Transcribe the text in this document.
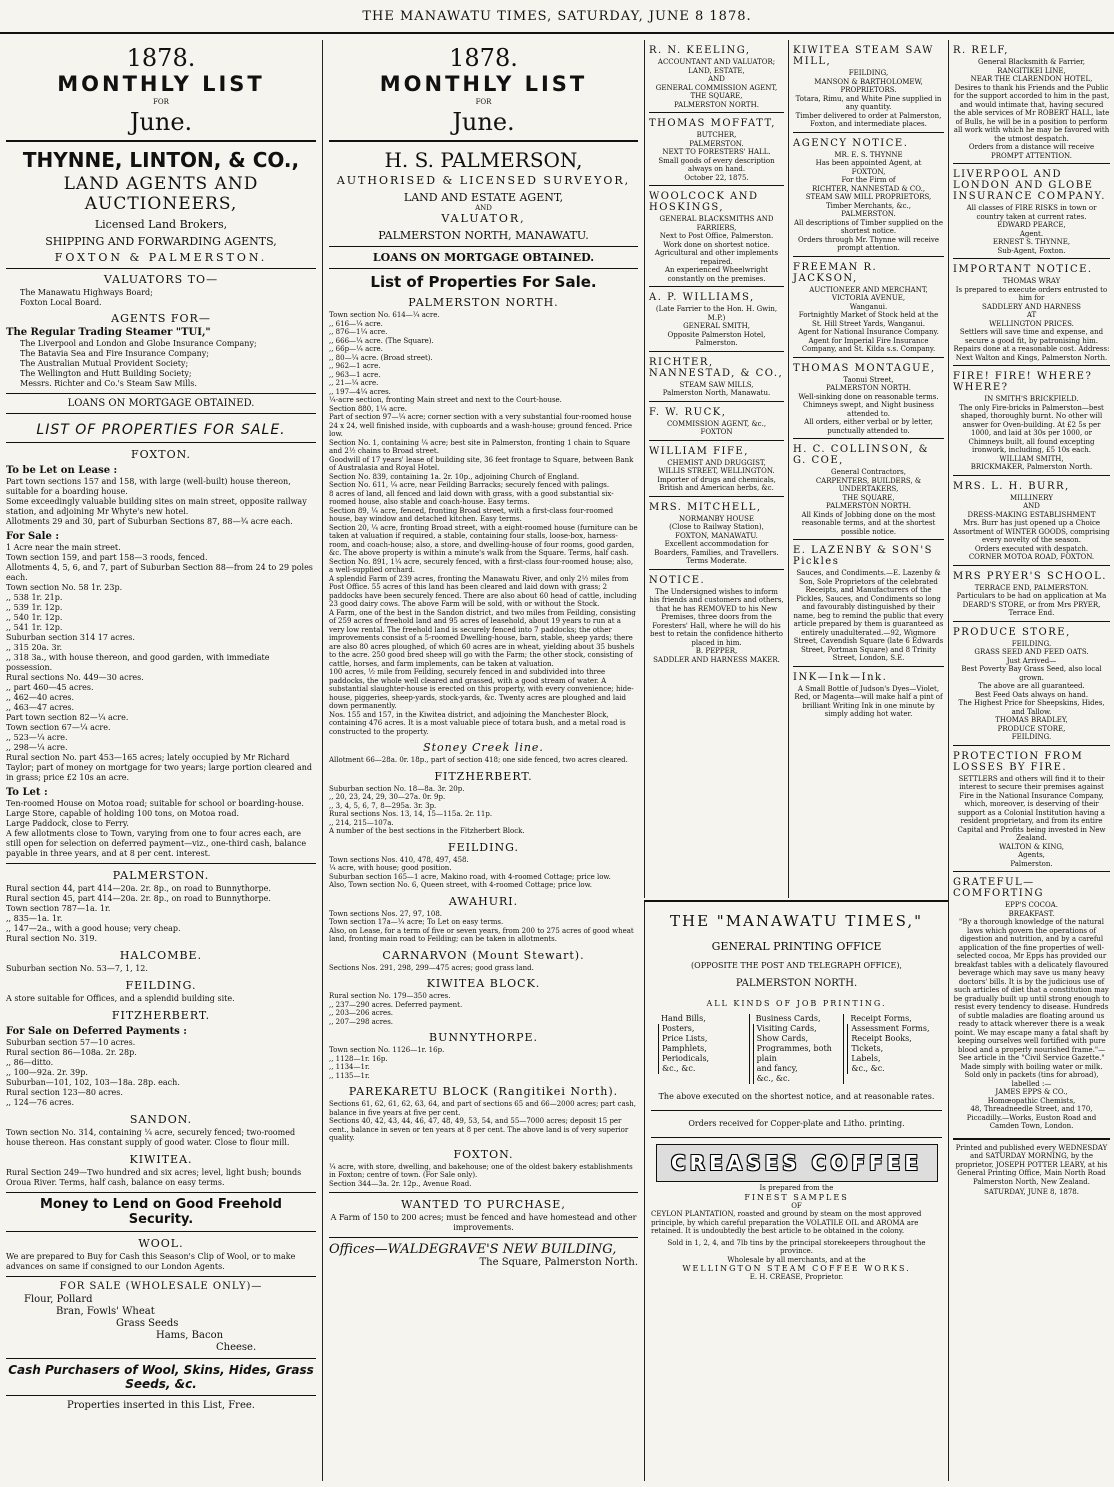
THE MANAWATU TIMES, SATURDAY, JUNE 8 1878.
1878.
MONTHLY LIST
FOR
June.
THYNNE, LINTON, & CO.,
LAND AGENTS AND AUCTIONEERS,
Licensed Land Brokers,
SHIPPING AND FORWARDING AGENTS,
FOXTON & PALMERSTON.
VALUATORS TO—
The Manawatu Highways Board;
Foxton Local Board.
AGENTS FOR—
The Regular Trading Steamer "TUI,"
The Liverpool and London and Globe Insurance Company;
The Batavia Sea and Fire Insurance Company;
The Australian Mutual Provident Society;
The Wellington and Hutt Building Society;
Messrs. Richter and Co.'s Steam Saw Mills.
LOANS ON MORTGAGE OBTAINED.
LIST OF PROPERTIES FOR SALE.
FOXTON.
To be Let on Lease :
Part town sections 157 and 158, with large (well-built) house thereon, suitable for a boarding house.
Some exceedingly valuable building sites on main street, opposite railway station, and adjoining Mr Whyte's new hotel.
Allotments 29 and 30, part of Suburban Sections 87, 88—¾ acre each.
For Sale :
1 Acre near the main street.
Town section 159, and part 158—3 roods, fenced.
Allotments 4, 5, 6, and 7, part of Suburban Section 88—from 24 to 29 poles each.
Town section No. 58 1r. 23p.
,, 538 1r. 21p.
,, 539 1r. 12p.
,, 540 1r. 12p.
,, 541 1r. 12p.
Suburban section 314 17 acres.
,, 315 20a. 3r.
,, 318 3a., with house thereon, and good garden, with immediate possession.
Rural sections No. 449—30 acres.
,, part 460—45 acres.
,, 462—40 acres.
,, 463—47 acres.
Part town section 82—¼ acre.
Town section 67—¼ acre.
,, 523—¼ acre.
,, 298—¼ acre.
Rural section No. part 453—165 acres; lately occupied by Mr Richard Taylor; part of money on mortgage for two years; large portion cleared and in grass; price £2 10s an acre.
To Let :
Ten-roomed House on Motoa road; suitable for school or boarding-house.
Large Store, capable of holding 100 tons, on Motoa road.
Large Paddock, close to Ferry.
A few allotments close to Town, varying from one to four acres each, are still open for selection on deferred payment—viz., one-third cash, balance payable in three years, and at 8 per cent. interest.
PALMERSTON.
Rural section 44, part 414—20a. 2r. 8p., on road to Bunnythorpe.
Rural section 45, part 414—20a. 2r. 8p., on road to Bunnythorpe.
Town section 787—1a. 1r.
,, 835—1a. 1r.
,, 147—2a., with a good house; very cheap.
Rural section No. 319.
HALCOMBE.
Suburban section No. 53—7, 1, 12.
FEILDING.
A store suitable for Offices, and a splendid building site.
FITZHERBERT.
For Sale on Deferred Payments :
Suburban section 57—10 acres.
Rural section 86—108a. 2r. 28p.
,, 86—ditto.
,, 100—92a. 2r. 39p.
Suburban—101, 102, 103—18a. 28p. each.
Rural section 123—80 acres.
,, 124—76 acres.
SANDON.
Town section No. 314, containing ¼ acre, securely fenced; two-roomed house thereon. Has constant supply of good water. Close to flour mill.
KIWITEA.
Rural Section 249—Two hundred and six acres; level, light bush; bounds Oroua River. Terms, half cash, balance on easy terms.
Money to Lend on Good Freehold Security.
WOOL.
We are prepared to Buy for Cash this Season's Clip of Wool, or to make advances on same if consigned to our London Agents.
FOR SALE (WHOLESALE ONLY)—
Flour, Pollard
Bran, Fowls' Wheat
Grass Seeds
Hams, Bacon
Cheese.
Cash Purchasers of Wool, Skins, Hides, Grass Seeds, &c.
Properties inserted in this List, Free.
1878.
MONTHLY LIST
FOR
June.
H. S. PALMERSON,
AUTHORISED & LICENSED SURVEYOR,
LAND AND ESTATE AGENT,
AND
VALUATOR,
PALMERSTON NORTH, MANAWATU.
LOANS ON MORTGAGE OBTAINED.
List of Properties For Sale.
PALMERSTON NORTH.
Town section No. 614—¼ acre.
,, 616—¼ acre.
,, 876—1¼ acre.
,, 666—¼ acre. (The Square).
,, 66p—¼ acre.
,, 80—¼ acre. (Broad street).
,, 962—1 acre.
,, 963—1 acre.
,, 21—¼ acre.
,, 197—4¼ acres.
¼-acre section, fronting Main street and next to the Court-house.
Section 880, 1¼ acre.
Part of section 97—¼ acre; corner section with a very substantial four-roomed house 24 x 24, well finished inside, with cupboards and a wash-house; ground fenced. Price low.
Section No. 1, containing ¼ acre; best site in Palmerston, fronting 1 chain to Square and 2½ chains to Broad street.
Goodwill of 17 years' lease of building site, 36 feet frontage to Square, between Bank of Australasia and Royal Hotel.
Section No. 839, containing 1a. 2r. 10p., adjoining Church of England.
Section No. 611, ¼ acre, near Feilding Barracks; securely fenced with palings.
8 acres of land, all fenced and laid down with grass, with a good substantial six-roomed house, also stable and coach-house. Easy terms.
Section 89, ¼ acre, fenced, fronting Broad street, with a first-class four-roomed house, bay window and detached kitchen. Easy terms.
Section 20, ¼ acre, fronting Broad street, with a eight-roomed house (furniture can be taken at valuation if required, a stable, containing four stalls, loose-box, harness-room, and coach-house; also, a store, and dwelling-house of four rooms, good garden, &c. The above property is within a minute's walk from the Square. Terms, half cash.
Section No. 891, 1¼ acre, securely fenced, with a first-class four-roomed house; also, a well-supplied orchard.
A splendid Farm of 239 acres, fronting the Manawatu River, and only 2½ miles from Post Office. 55 acres of this land has been cleared and laid down with grass; 2 paddocks have been securely fenced. There are also about 60 head of cattle, including 23 good dairy cows. The above Farm will be sold, with or without the Stock.
A Farm, one of the best in the Sandon district, and two miles from Feilding, consisting of 259 acres of freehold land and 95 acres of leasehold, about 19 years to run at a very low rental. The freehold land is securely fenced into 7 paddocks; the other improvements consist of a 5-roomed Dwelling-house, barn, stable, sheep yards; there are also 80 acres ploughed, of which 60 acres are in wheat, yielding about 35 bushels to the acre. 250 good bred sheep will go with the Farm; the other stock, consisting of cattle, horses, and farm implements, can be taken at valuation.
100 acres, ½ mile from Feilding, securely fenced in and subdivided into three paddocks, the whole well cleared and grassed, with a good stream of water. A substantial slaughter-house is erected on this property, with every convenience; hide-house, piggeries, sheep-yards, stock-yards, &c. Twenty acres are ploughed and laid down permanently.
Nos. 155 and 157, in the Kiwitea district, and adjoining the Manchester Block, containing 476 acres. It is a most valuable piece of totara bush, and a metal road is constructed to the property.
Stoney Creek line.
Allotment 66—28a. 0r. 18p., part of section 418; one side fenced, two acres cleared.
FITZHERBERT.
Suburban section No. 18—8a. 3r. 20p.
,, 20, 23, 24, 29, 30—27a. 0r. 9p.
,, 3, 4, 5, 6, 7, 8—295a. 3r. 3p.
Rural sections Nos. 13, 14, 15—115a. 2r. 11p.
,, 214, 215—107a.
A number of the best sections in the Fitzherbert Block.
FEILDING.
Town sections Nos. 410, 478, 497, 458.
¼ acre, with house; good position.
Suburban section 165—1 acre, Makino road, with 4-roomed Cottage; price low.
Also, Town section No. 6, Queen street, with 4-roomed Cottage; price low.
AWAHURI.
Town sections Nos. 27, 97, 108.
Town section 17a—¼ acre; To Let on easy terms.
Also, on Lease, for a term of five or seven years, from 200 to 275 acres of good wheat land, fronting main road to Feilding; can be taken in allotments.
CARNARVON (Mount Stewart).
Sections Nos. 291, 298, 299—475 acres; good grass land.
KIWITEA BLOCK.
Rural section No. 179—350 acres.
,, 237—290 acres. Deferred payment.
,, 203—206 acres.
,, 207—298 acres.
BUNNYTHORPE.
Town section No. 1126—1r. 16p.
,, 1128—1r. 16p.
,, 1134—1r.
,, 1135—1r.
PAREKARETU BLOCK (Rangitikei North).
Sections 61, 62, 61, 62, 63, 64, and part of sections 65 and 66—2000 acres; part cash, balance in five years at five per cent.
Sections 40, 42, 43, 44, 46, 47, 48, 49, 53, 54, and 55—7000 acres; deposit 15 per cent., balance in seven or ten years at 8 per cent. The above land is of very superior quality.
FOXTON.
¼ acre, with store, dwelling, and bakehouse; one of the oldest bakery establishments in Foxton; centre of town. (For Sale only).
Section 344—3a. 2r. 12p., Avenue Road.
WANTED TO PURCHASE,
A Farm of 150 to 200 acres; must be fenced and have homestead and other improvements.
Offices—WALDEGRAVE'S NEW BUILDING,
The Square, Palmerston North.
R. N. KEELING,
ACCOUNTANT AND VALUATOR;
LAND, ESTATE,
AND
GENERAL COMMISSION AGENT,
THE SQUARE,
PALMERSTON NORTH.
THOMAS MOFFATT,
BUTCHER,
PALMERSTON.
NEXT TO FORESTERS' HALL.
Small goods of every description always on hand.
October 22, 1875.
WOOLCOCK AND HOSKINGS,
GENERAL BLACKSMITHS AND FARRIERS,
Next to Post Office, Palmerston.
Work done on shortest notice. Agricultural and other implements repaired.
An experienced Wheelwright constantly on the premises.
A. P. WILLIAMS,
(Late Farrier to the Hon. H. Gwin, M.P.)
GENERAL SMITH,
Opposite Palmerston Hotel,
Palmerston.
RICHTER, NANNESTAD, & CO.,
STEAM SAW MILLS,
Palmerston North, Manawatu.
F. W. RUCK,
COMMISSION AGENT, &c.,
FOXTON
WILLIAM FIFE,
CHEMIST AND DRUGGIST,
WILLIS STREET, WELLINGTON.
Importer of drugs and chemicals, British and American herbs, &c.
MRS. MITCHELL,
NORMANBY HOUSE
(Close to Railway Station),
FOXTON, MANAWATU.
Excellent accommodation for Boarders, Families, and Travellers.
Terms Moderate.
NOTICE.
The Undersigned wishes to inform his friends and customers and others, that he has REMOVED to his New Premises, three doors from the Foresters' Hall, where he will do his best to retain the confidence hitherto placed in him.
B. PEPPER,
SADDLER AND HARNESS MAKER.
KIWITEA STEAM SAW MILL,
FEILDING,
MANSON & BARTHOLOMEW,
PROPRIETORS.
Totara, Rimu, and White Pine supplied in any quantity.
Timber delivered to order at Palmerston, Foxton, and intermediate places.
AGENCY NOTICE.
MR. E. S. THYNNE
Has been appointed Agent, at
FOXTON,
For the Firm of
RICHTER, NANNESTAD & CO.,
STEAM SAW MILL PROPRIETORS,
Timber Merchants, &c.,
PALMERSTON.
All descriptions of Timber supplied on the shortest notice.
Orders through Mr. Thynne will receive prompt attention.
FREEMAN R. JACKSON,
AUCTIONEER AND MERCHANT,
VICTORIA AVENUE,
Wanganui.
Fortnightly Market of Stock held at the St. Hill Street Yards, Wanganui.
Agent for National Insurance Company.
Agent for Imperial Fire Insurance Company, and St. Kilda s.s. Company.
THOMAS MONTAGUE,
Taonui Street,
PALMERSTON NORTH.
Well-sinking done on reasonable terms. Chimneys swept, and Night business attended to.
All orders, either verbal or by letter, punctually attended to.
H. C. COLLINSON, & G. COE,
General Contractors,
CARPENTERS, BUILDERS, & UNDERTAKERS,
THE SQUARE,
PALMERSTON NORTH.
All Kinds of Jobbing done on the most reasonable terms, and at the shortest possible notice.
E. LAZENBY & SON'S Pickles
Sauces, and Condiments.—E. Lazenby & Son, Sole Proprietors of the celebrated Receipts, and Manufacturers of the Pickles, Sauces, and Condiments so long and favourably distinguished by their name, beg to remind the public that every article prepared by them is guaranteed as entirely unadulterated.—92, Wigmore Street, Cavendish Square (late 6 Edwards Street, Portman Square) and 8 Trinity Street, London, S.E.
INK—Ink—Ink.
A Small Bottle of Judson's Dyes—Violet, Red, or Magenta—will make half a pint of brilliant Writing Ink in one minute by simply adding hot water.
R. RELF,
General Blacksmith & Farrier,
RANGITIKEI LINE,
NEAR THE CLARENDON HOTEL,
Desires to thank his Friends and the Public for the support accorded to him in the past, and would intimate that, having secured the able services of Mr ROBERT HALL, late of Bulls, he will be in a position to perform all work with which he may be favored with the utmost despatch.
Orders from a distance will receive PROMPT ATTENTION.
LIVERPOOL AND LONDON AND GLOBE INSURANCE COMPANY.
All classes of FIRE RISKS in town or country taken at current rates.
EDWARD PEARCE,
Agent.
ERNEST S. THYNNE,
Sub-Agent, Foxton.
IMPORTANT NOTICE.
THOMAS WRAY
Is prepared to execute orders entrusted to him for
SADDLERY AND HARNESS
AT
WELLINGTON PRICES.
Settlers will save time and expense, and secure a good fit, by patronising him. Repairs done at a reasonable cost. Address: Next Walton and Kings, Palmerston North.
FIRE! FIRE! WHERE? WHERE?
IN SMITH'S BRICKFIELD.
The only Fire-bricks in Palmerston—best shaped, thoroughly burnt. No other will answer for Oven-building. At £2 5s per 1000, and laid at 30s per 1000, or Chimneys built, all found excepting ironwork, including, £5 10s each.
WILLIAM SMITH,
BRICKMAKER, Palmerston North.
MRS. L. H. BURR,
MILLINERY
AND
DRESS-MAKING ESTABLISHMENT
Mrs. Burr has just opened up a Choice Assortment of WINTER GOODS, comprising every novelty of the season.
Orders executed with despatch.
CORNER MOTOA ROAD, FOXTON.
MRS PRYER'S SCHOOL.
TERRACE END, PALMERSTON.
Particulars to be had on application at Ma DEARD'S STORE, or from Mrs PRYER, Terrace End.
PRODUCE STORE,
FEILDING.
GRASS SEED AND FEED OATS.
Just Arrived—
Best Poverty Bay Grass Seed, also local grown.
The above are all guaranteed.
Best Feed Oats always on hand.
The Highest Price for Sheepskins, Hides, and Tallow.
THOMAS BRADLEY,
PRODUCE STORE,
FEILDING.
PROTECTION FROM LOSSES BY FIRE.
SETTLERS and others will find it to their interest to secure their premises against Fire in the National Insurance Company, which, moreover, is deserving of their support as a Colonial Institution having a resident proprietary, and from its entire Capital and Profits being invested in New Zealand.
WALTON & KING,
Agents,
Palmerston.
GRATEFUL—COMFORTING
EPP'S COCOA.
BREAKFAST.
"By a thorough knowledge of the natural laws which govern the operations of digestion and nutrition, and by a careful application of the fine properties of well-selected cocoa, Mr Epps has provided our breakfast tables with a delicately flavoured beverage which may save us many heavy doctors' bills. It is by the judicious use of such articles of diet that a constitution may be gradually built up until strong enough to resist every tendency to disease. Hundreds of subtle maladies are floating around us ready to attack wherever there is a weak point. We may escape many a fatal shaft by keeping ourselves well fortified with pure blood and a properly nourished frame."—See article in the "Civil Service Gazette."
Made simply with boiling water or milk.
Sold only in packets (tins for abroad), labelled :—
JAMES EPPS & CO.,
Homœopathic Chemists,
48, Threadneedle Street, and 170, Piccadilly.—Works, Euston Road and Camden Town, London.
Printed and published every WEDNESDAY and SATURDAY MORNING, by the proprietor, JOSEPH POTTER LEARY, at his General Printing Office, Main North Road Palmerston North, New Zealand.
SATURDAY, JUNE 8, 1878.
THE "MANAWATU TIMES,"
GENERAL PRINTING OFFICE
(OPPOSITE THE POST AND TELEGRAPH OFFICE),
PALMERSTON NORTH.
ALL KINDS OF JOB PRINTING.
Hand Bills,
Posters,
Price Lists,
Pamphlets,
Periodicals,
&c., &c.
Business Cards,
Visiting Cards,
Show Cards,
Programmes, both plain
and fancy,
&c., &c.
Receipt Forms,
Assessment Forms,
Receipt Books,
Tickets,
Labels,
&c., &c.
The above executed on the shortest notice, and at reasonable rates.
Orders received for Copper-plate and Litho. printing.
CREASES COFFEE
Is prepared from the
FINEST SAMPLES
OF
CEYLON PLANTATION, roasted and ground by steam on the most approved principle, by which careful preparation the VOLATILE OIL and AROMA are retained. It is undoubtedly the best article to be obtained in the colony.
Sold in 1, 2, 4, and 7lb tins by the principal storekeepers throughout the province.
Wholesale by all merchants, and at the
WELLINGTON STEAM COFFEE WORKS.
E. H. CREASE, Proprietor.
